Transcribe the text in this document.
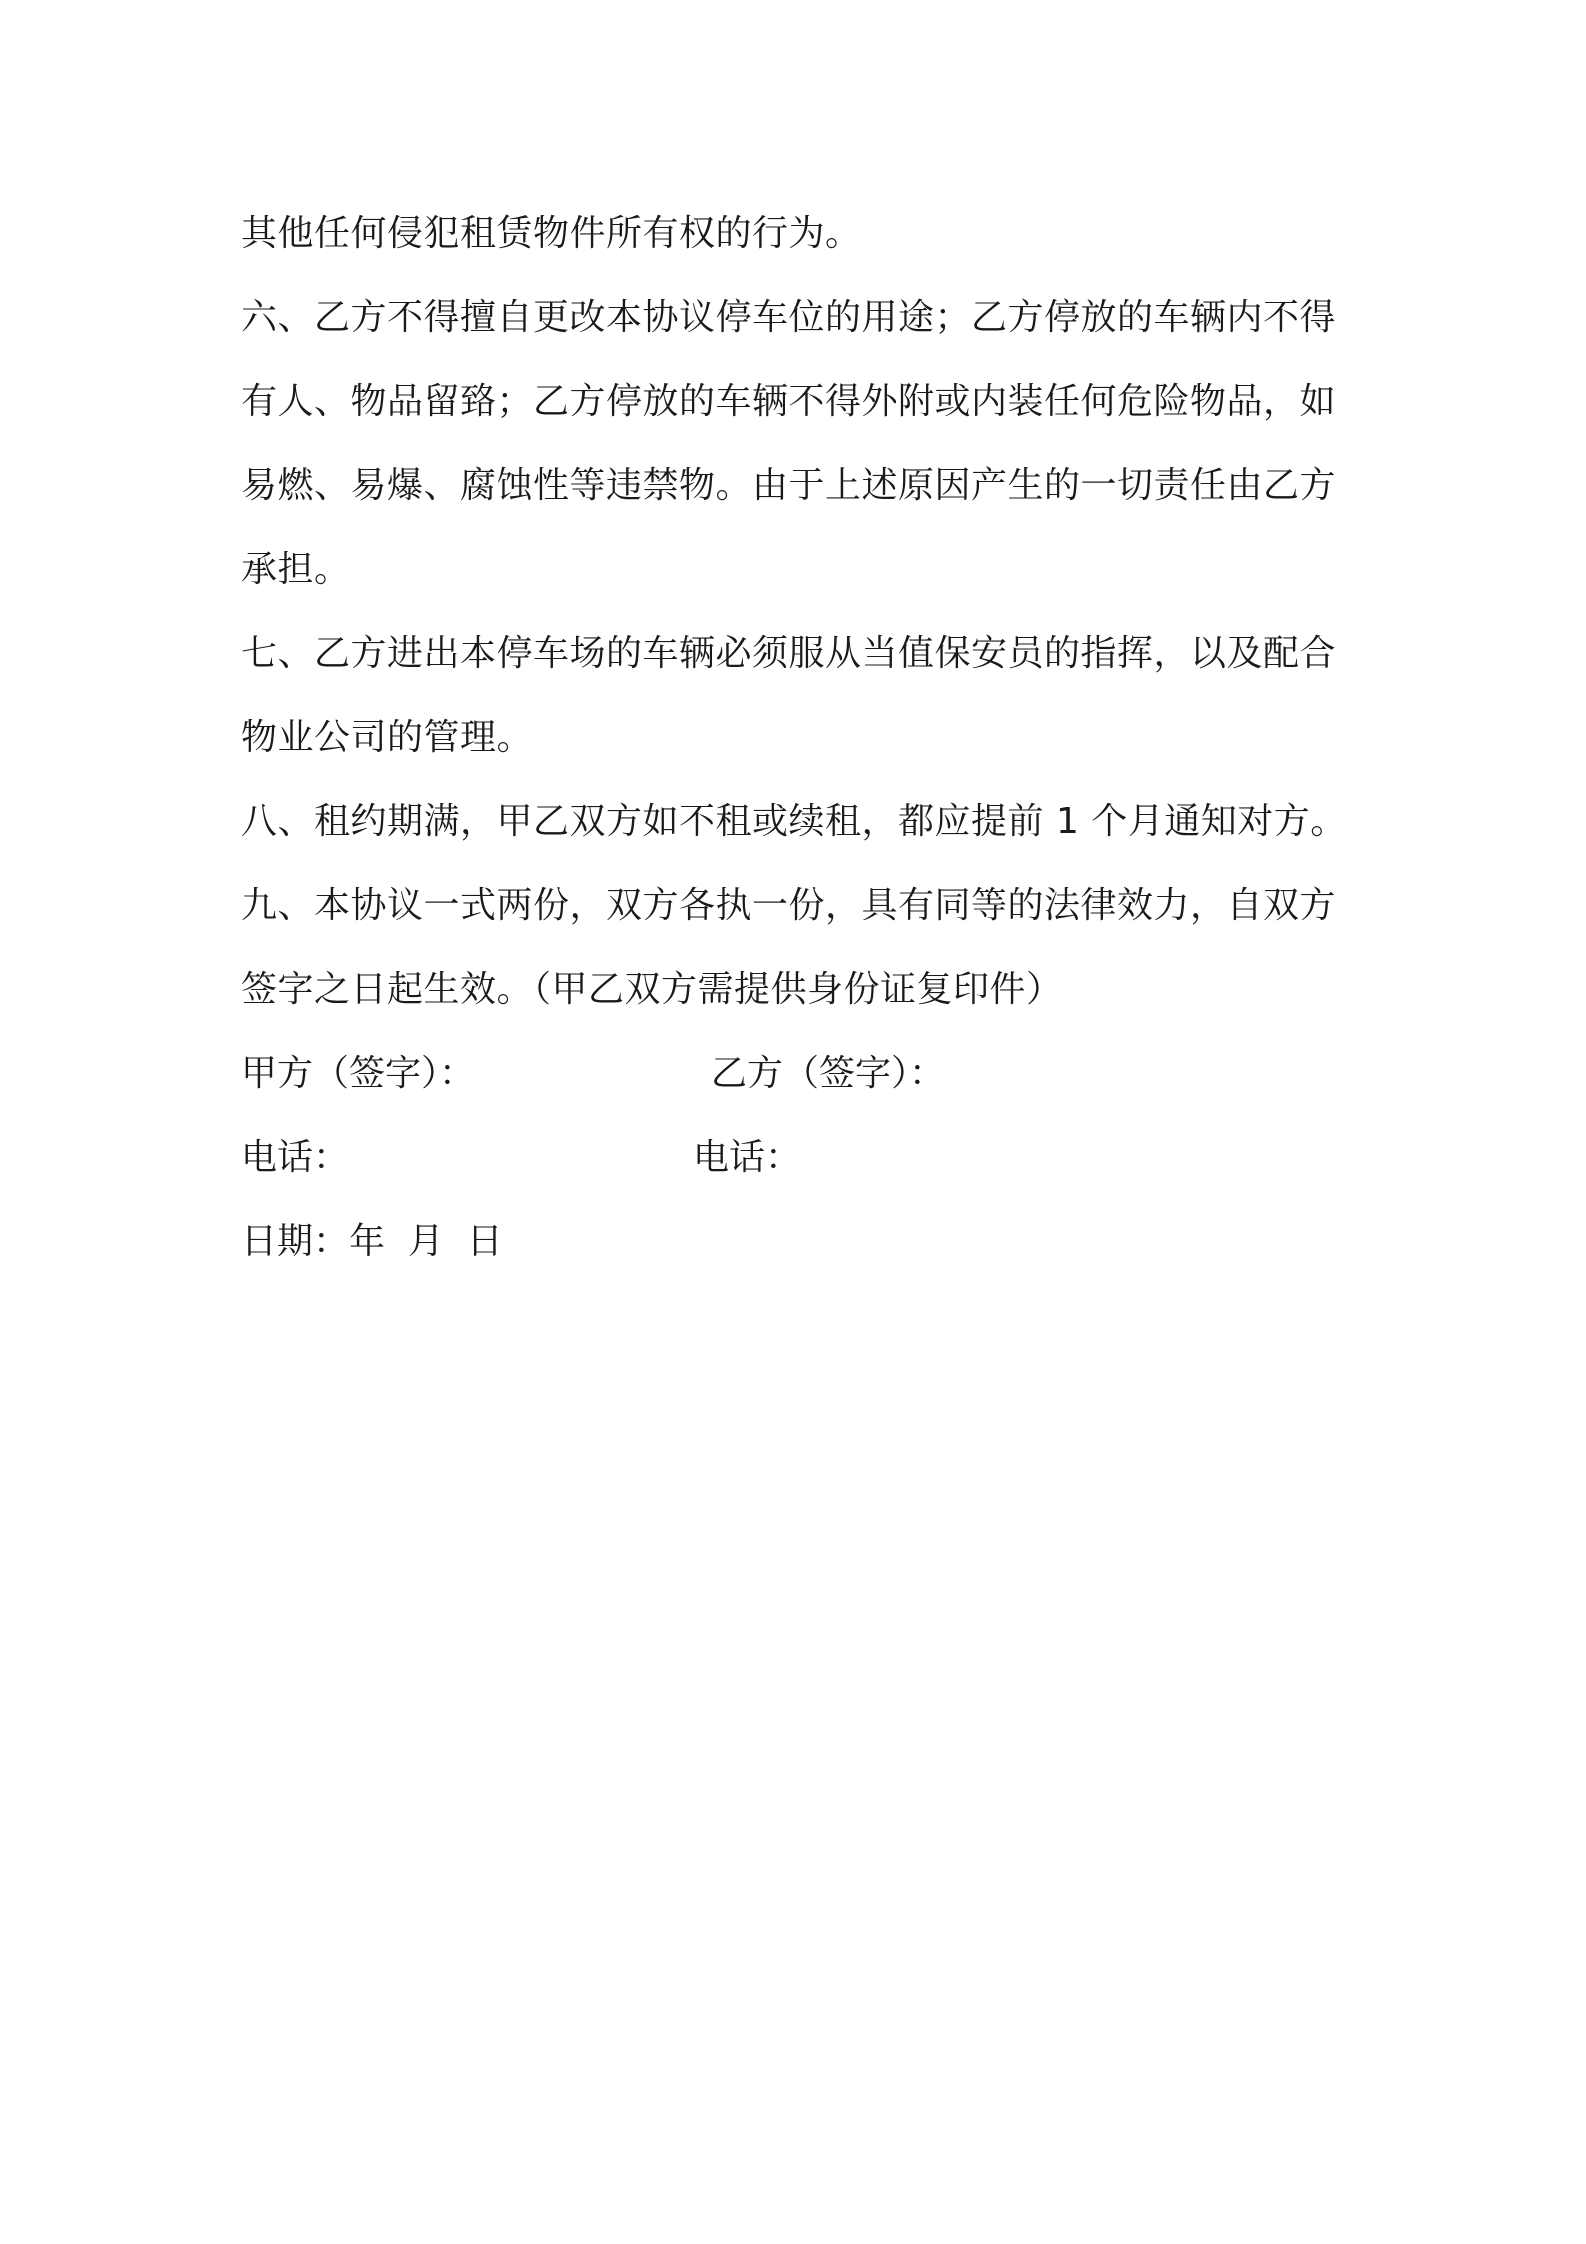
其他任何侵犯租赁物件所有权的行为。
六、乙方不得擅自更改本协议停车位的用途；乙方停放的车辆内不得
有人、物品留臵；乙方停放的车辆不得外附或内装任何危险物品，如
易燃、易爆、腐蚀性等违禁物。由于上述原因产生的一切责任由乙方
承担。
七、乙方进出本停车场的车辆必须服从当值保安员的指挥，以及配合
物业公司的管理。
八、租约期满，甲乙双方如不租或续租，都应提前 1 个月通知对方。
九、本协议一式两份，双方各执一份，具有同等的法律效力，自双方
签字之日起生效。（甲乙双方需提供身份证复印件）
甲方（签字）：	乙方（签字）：
电话：	电话：
日期：年  月  日
